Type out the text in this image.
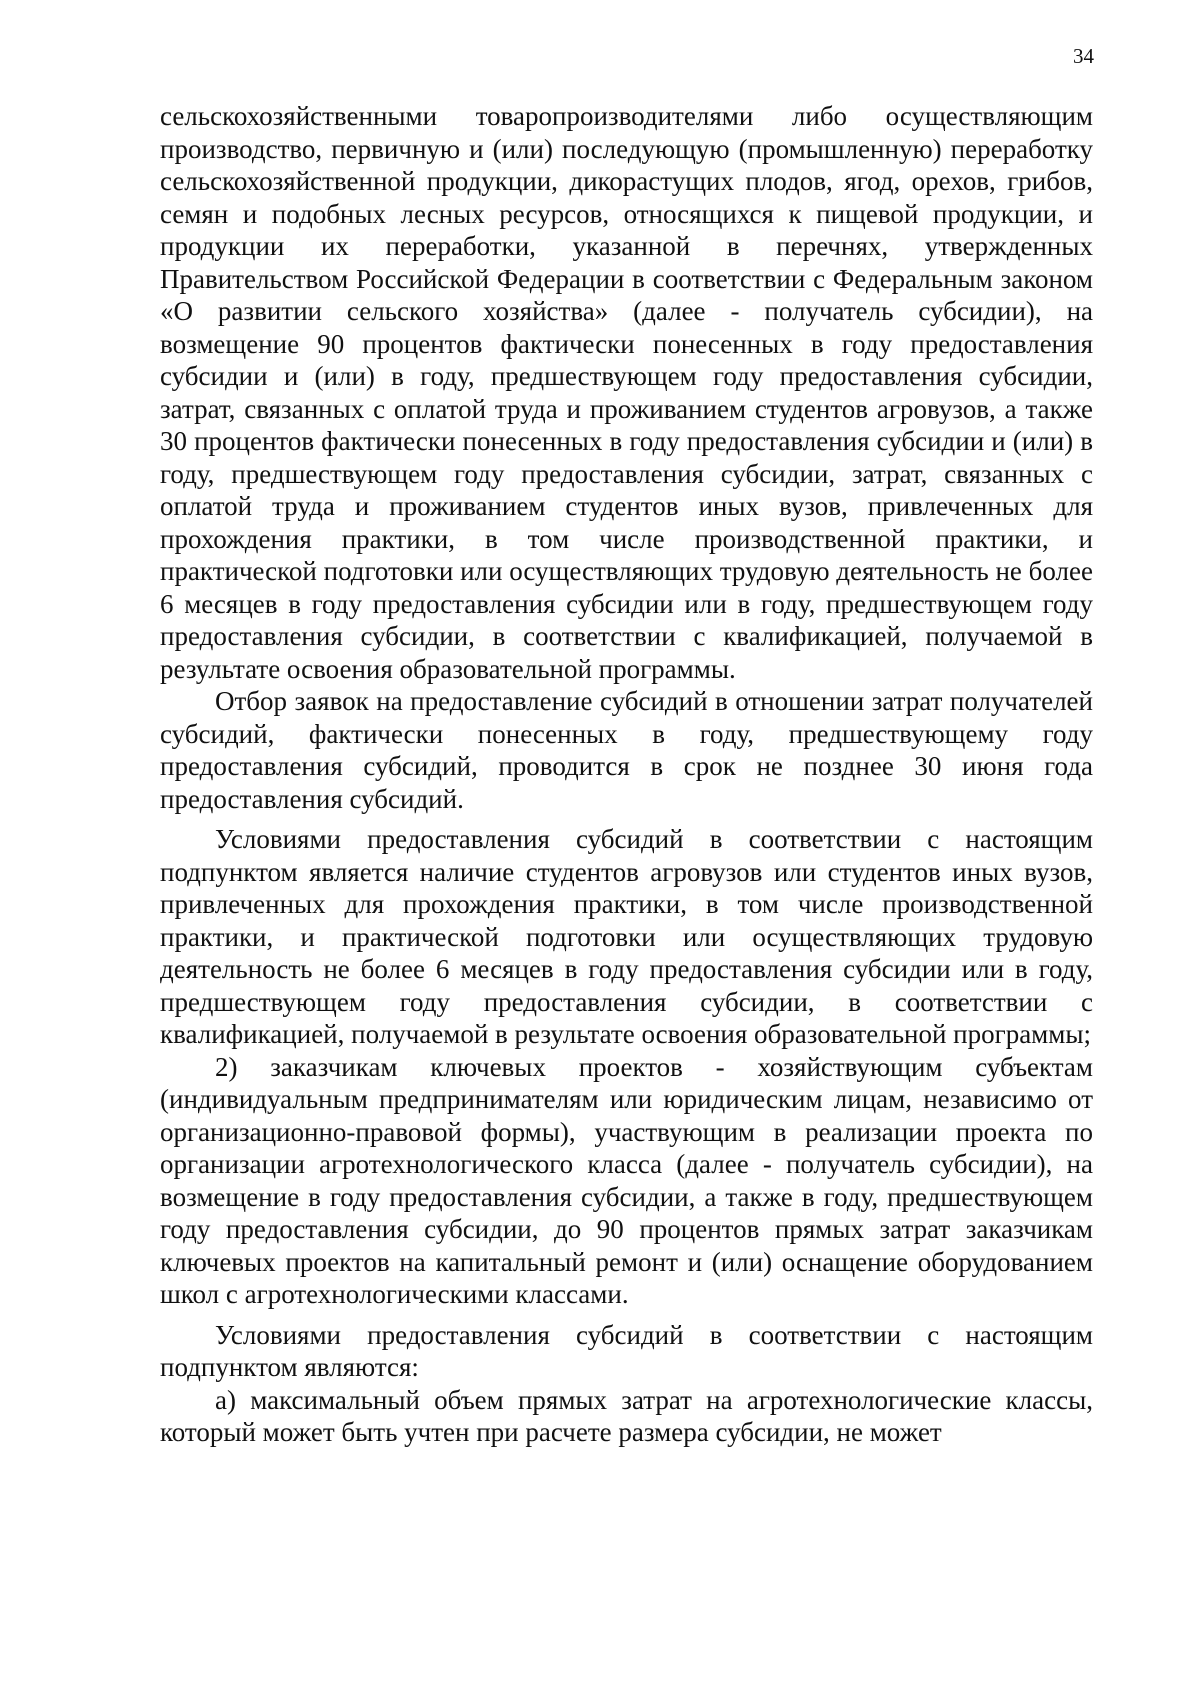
34

сельскохозяйственными товаропроизводителями либо осуществляющим производство, первичную и (или) последующую (промышленную) переработку сельскохозяйственной продукции, дикорастущих плодов, ягод, орехов, грибов, семян и подобных лесных ресурсов, относящихся к пищевой продукции, и продукции их переработки, указанной в перечнях, утвержденных Правительством Российской Федерации в соответствии с Федеральным законом «О развитии сельского хозяйства» (далее - получатель субсидии), на возмещение 90 процентов фактически понесенных в году предоставления субсидии и (или) в году, предшествующем году предоставления субсидии, затрат, связанных с оплатой труда и проживанием студентов агровузов, а также 30 процентов фактически понесенных в году предоставления субсидии и (или) в году, предшествующем году предоставления субсидии, затрат, связанных с оплатой труда и проживанием студентов иных вузов, привлеченных для прохождения практики, в том числе производственной практики, и практической подготовки или осуществляющих трудовую деятельность не более 6 месяцев в году предоставления субсидии или в году, предшествующем году предоставления субсидии, в соответствии с квалификацией, получаемой в результате освоения образовательной программы.

Отбор заявок на предоставление субсидий в отношении затрат получателей субсидий, фактически понесенных в году, предшествующему году предоставления субсидий, проводится в срок не позднее 30 июня года предоставления субсидий.

Условиями предоставления субсидий в соответствии с настоящим подпунктом является наличие студентов агровузов или студентов иных вузов, привлеченных для прохождения практики, в том числе производственной практики, и практической подготовки или осуществляющих трудовую деятельность не более 6 месяцев в году предоставления субсидии или в году, предшествующем году предоставления субсидии, в соответствии с квалификацией, получаемой в результате освоения образовательной программы;

2) заказчикам ключевых проектов - хозяйствующим субъектам (индивидуальным предпринимателям или юридическим лицам, независимо от организационно-правовой формы), участвующим в реализации проекта по организации агротехнологического класса (далее - получатель субсидии), на возмещение в году предоставления субсидии, а также в году, предшествующем году предоставления субсидии, до 90 процентов прямых затрат заказчикам ключевых проектов на капитальный ремонт и (или) оснащение оборудованием школ с агротехнологическими классами.

Условиями предоставления субсидий в соответствии с настоящим подпунктом являются:

а) максимальный объем прямых затрат на агротехнологические классы, который может быть учтен при расчете размера субсидии, не может
